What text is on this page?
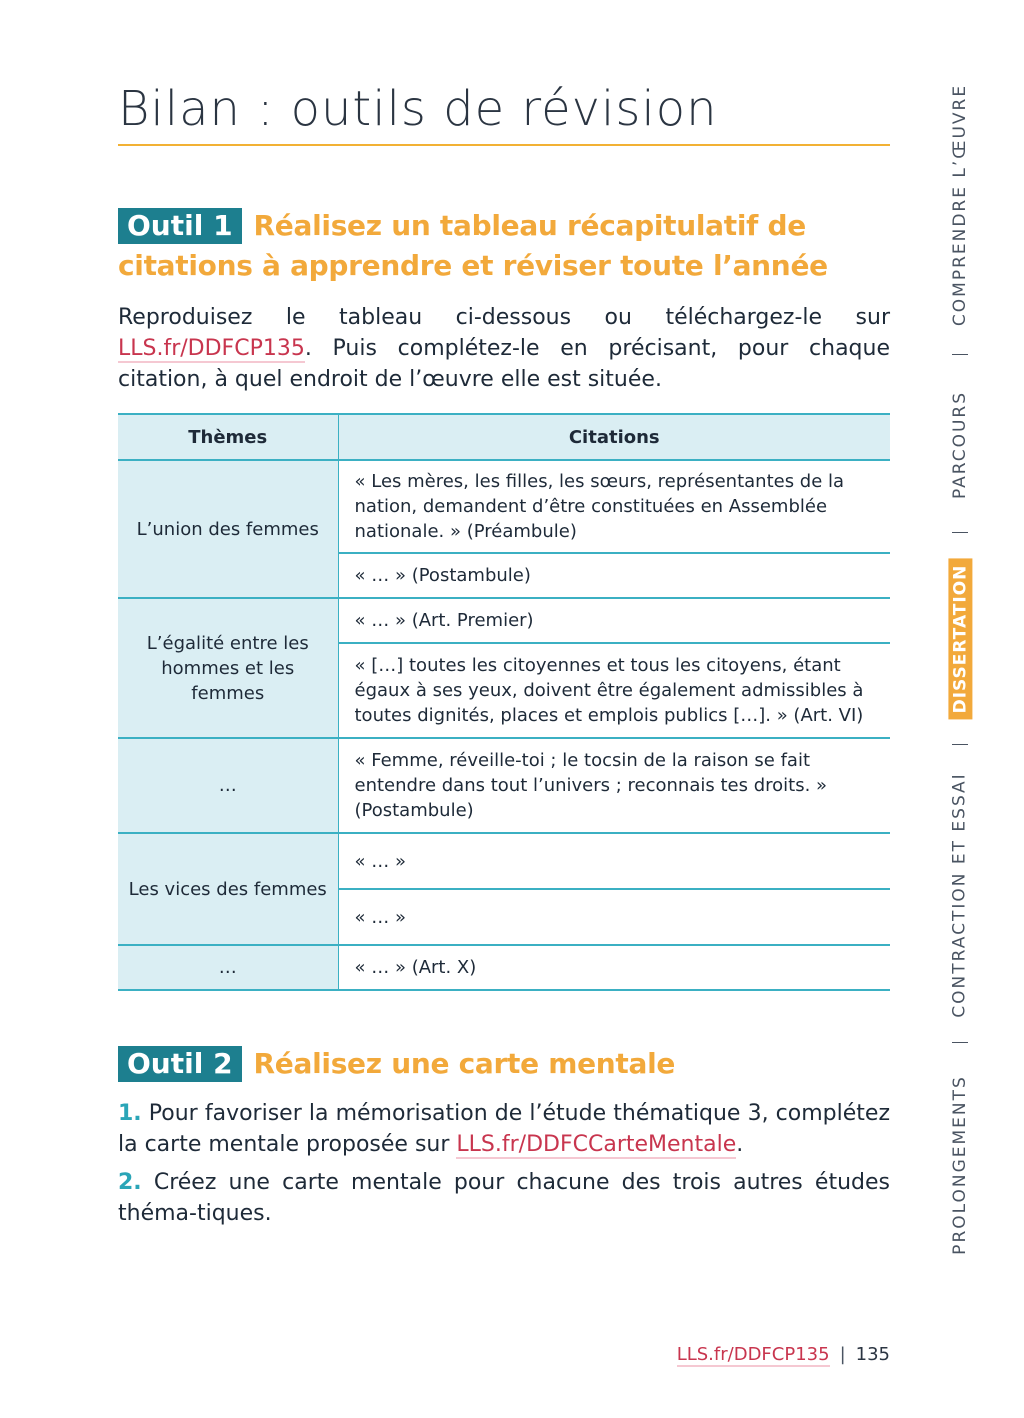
Bilan : outils de révision
Outil 1 Réalisez un tableau récapitulatif de citations à apprendre et réviser toute l’année
Reproduisez le tableau ci-dessous ou téléchargez-le sur LLS.fr/DDFCP135. Puis complétez-le en précisant, pour chaque citation, à quel endroit de l’œuvre elle est située.
Thèmes	Citations
L’union des femmes	« Les mères, les filles, les sœurs, représentantes de la nation, demandent d’être constituées en Assemblée nationale. » (Préambule)
	« … » (Postambule)
L’égalité entre les hommes et les femmes	« … » (Art. Premier)
	« […] toutes les citoyennes et tous les citoyens, étant égaux à ses yeux, doivent être également admissibles à toutes dignités, places et emplois publics […]. » (Art. VI)
…	« Femme, réveille-toi ; le tocsin de la raison se fait entendre dans tout l’univers ; reconnais tes droits. » (Postambule)
Les vices des femmes	« … »
	« … »
…	« … » (Art. X)
Outil 2 Réalisez une carte mentale
1. Pour favoriser la mémorisation de l’étude thématique 3, complétez la carte mentale proposée sur LLS.fr/DDFCCarteMentale.
2. Créez une carte mentale pour chacune des trois autres études théma-tiques.
COMPRENDRE L’ŒUVRE
PARCOURS
DISSERTATION
CONTRACTION ET ESSAI
PROLONGEMENTS
LLS.fr/DDFCP135 | 135
